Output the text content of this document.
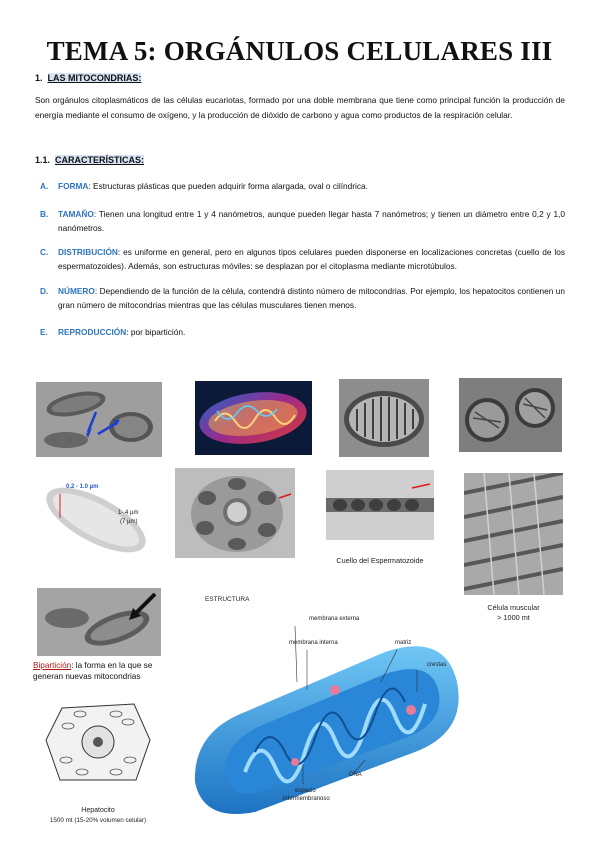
TEMA 5: ORGÁNULOS CELULARES III
1. LAS MITOCONDRIAS:
Son orgánulos citoplasmáticos de las células eucariotas, formado por una doble membrana que tiene como principal función la producción de energía mediante el consumo de oxígeno, y la producción de dióxido de carbono y agua como productos de la respiración celular.
1.1. CARACTERÍSTICAS:
A. FORMA: Estructuras plásticas que pueden adquirir forma alargada, oval o cilíndrica.
B. TAMAÑO: Tienen una longitud entre 1 y 4 nanómetros, aunque pueden llegar hasta 7 nanómetros; y tienen un diámetro entre 0,2 y 1,0 nanómetros.
C. DISTRIBUCIÓN: es uniforme en general, pero en algunos tipos celulares pueden disponerse en localizaciones concretas (cuello de los espermatozoides). Además, son estructuras móviles: se desplazan por el citoplasma mediante microtúbulos.
D. NÚMERO: Dependiendo de la función de la célula, contendrá distinto número de mitocondrias. Por ejemplo, los hepatocitos contienen un gran número de mitocondrias mientras que las células musculares tienen menos.
E. REPRODUCCIÓN: por bipartición.
0.2 - 1.0 µm
1- 4 µm
(7 µm)
Cuello del Espermatozoide
Célula muscular
> 1000 mt
Bipartición: la forma en la que se generan nuevas mitocondrias
Hepatocito
1500 mt (15-20% volumen celular)
ESTRUCTURA
membrana externa
membrana interna	matriz
crestas
espacio
intermembranoso
DNA
